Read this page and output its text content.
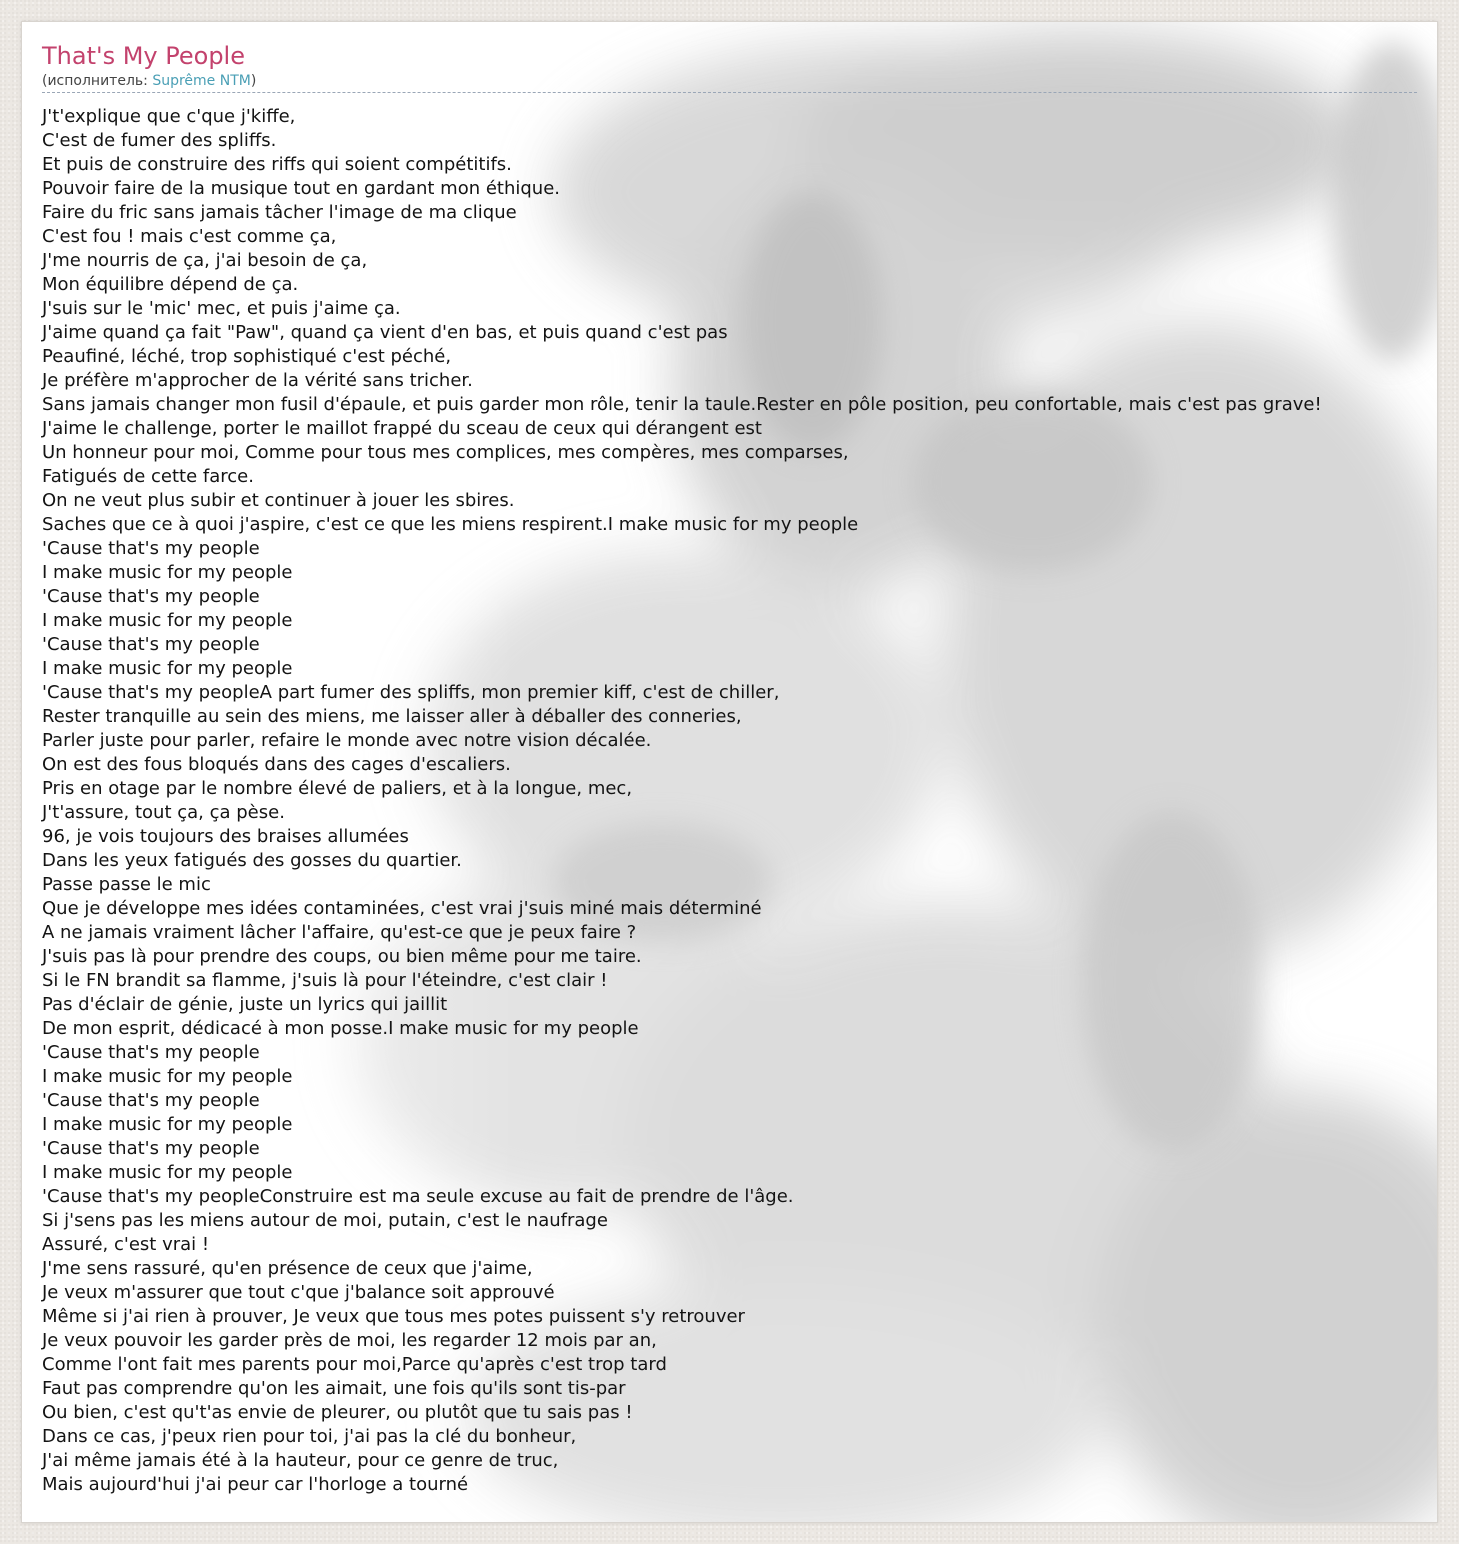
That's My People
(исполнитель: Suprême NTM)
J't'explique que c'que j'kiffe,
C'est de fumer des spliffs.
Et puis de construire des riffs qui soient compétitifs.
Pouvoir faire de la musique tout en gardant mon éthique.
Faire du fric sans jamais tâcher l'image de ma clique
C'est fou ! mais c'est comme ça,
J'me nourris de ça, j'ai besoin de ça,
Mon équilibre dépend de ça.
J'suis sur le 'mic' mec, et puis j'aime ça.
J'aime quand ça fait "Paw", quand ça vient d'en bas, et puis quand c'est pas
Peaufiné, léché, trop sophistiqué c'est péché,
Je préfère m'approcher de la vérité sans tricher.
Sans jamais changer mon fusil d'épaule, et puis garder mon rôle, tenir la taule.Rester en pôle position, peu confortable, mais c'est pas grave!
J'aime le challenge, porter le maillot frappé du sceau de ceux qui dérangent est
Un honneur pour moi, Comme pour tous mes complices, mes compères, mes comparses,
Fatigués de cette farce.
On ne veut plus subir et continuer à jouer les sbires.
Saches que ce à quoi j'aspire, c'est ce que les miens respirent.I make music for my people
'Cause that's my people
I make music for my people
'Cause that's my people
I make music for my people
'Cause that's my people
I make music for my people
'Cause that's my peopleA part fumer des spliffs, mon premier kiff, c'est de chiller,
Rester tranquille au sein des miens, me laisser aller à déballer des conneries,
Parler juste pour parler, refaire le monde avec notre vision décalée.
On est des fous bloqués dans des cages d'escaliers.
Pris en otage par le nombre élevé de paliers, et à la longue, mec,
J't'assure, tout ça, ça pèse.
96, je vois toujours des braises allumées
Dans les yeux fatigués des gosses du quartier.
Passe passe le mic
Que je développe mes idées contaminées, c'est vrai j'suis miné mais déterminé
A ne jamais vraiment lâcher l'affaire, qu'est-ce que je peux faire ?
J'suis pas là pour prendre des coups, ou bien même pour me taire.
Si le FN brandit sa flamme, j'suis là pour l'éteindre, c'est clair !
Pas d'éclair de génie, juste un lyrics qui jaillit
De mon esprit, dédicacé à mon posse.I make music for my people
'Cause that's my people
I make music for my people
'Cause that's my people
I make music for my people
'Cause that's my people
I make music for my people
'Cause that's my peopleConstruire est ma seule excuse au fait de prendre de l'âge.
Si j'sens pas les miens autour de moi, putain, c'est le naufrage
Assuré, c'est vrai !
J'me sens rassuré, qu'en présence de ceux que j'aime,
Je veux m'assurer que tout c'que j'balance soit approuvé
Même si j'ai rien à prouver, Je veux que tous mes potes puissent s'y retrouver
Je veux pouvoir les garder près de moi, les regarder 12 mois par an,
Comme l'ont fait mes parents pour moi,Parce qu'après c'est trop tard
Faut pas comprendre qu'on les aimait, une fois qu'ils sont tis-par
Ou bien, c'est qu't'as envie de pleurer, ou plutôt que tu sais pas !
Dans ce cas, j'peux rien pour toi, j'ai pas la clé du bonheur,
J'ai même jamais été à la hauteur, pour ce genre de truc,
Mais aujourd'hui j'ai peur car l'horloge a tourné
